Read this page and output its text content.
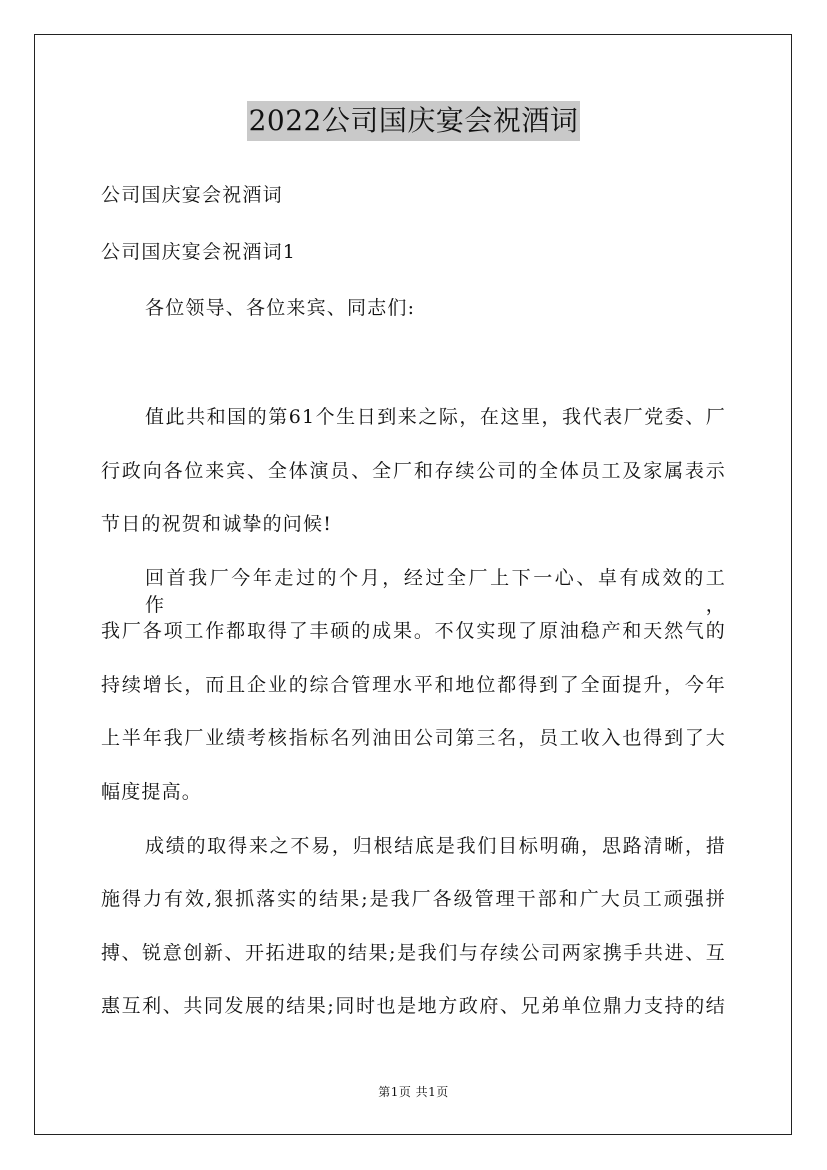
2022公司国庆宴会祝酒词
公司国庆宴会祝酒词
公司国庆宴会祝酒词1
各位领导、各位来宾、同志们:
值此共和国的第61个生日到来之际，在这里，我代表厂党委、厂
行政向各位来宾、全体演员、全厂和存续公司的全体员工及家属表示
节日的祝贺和诚挚的问候!
回首我厂今年走过的个月，经过全厂上下一心、卓有成效的工作，
我厂各项工作都取得了丰硕的成果。不仅实现了原油稳产和天然气的
持续增长，而且企业的综合管理水平和地位都得到了全面提升，今年
上半年我厂业绩考核指标名列油田公司第三名，员工收入也得到了大
幅度提高。
成绩的取得来之不易，归根结底是我们目标明确，思路清晰，措
施得力有效,狠抓落实的结果;是我厂各级管理干部和广大员工顽强拼
搏、锐意创新、开拓进取的结果;是我们与存续公司两家携手共进、互
惠互利、共同发展的结果;同时也是地方政府、兄弟单位鼎力支持的结
第1页 共1页
